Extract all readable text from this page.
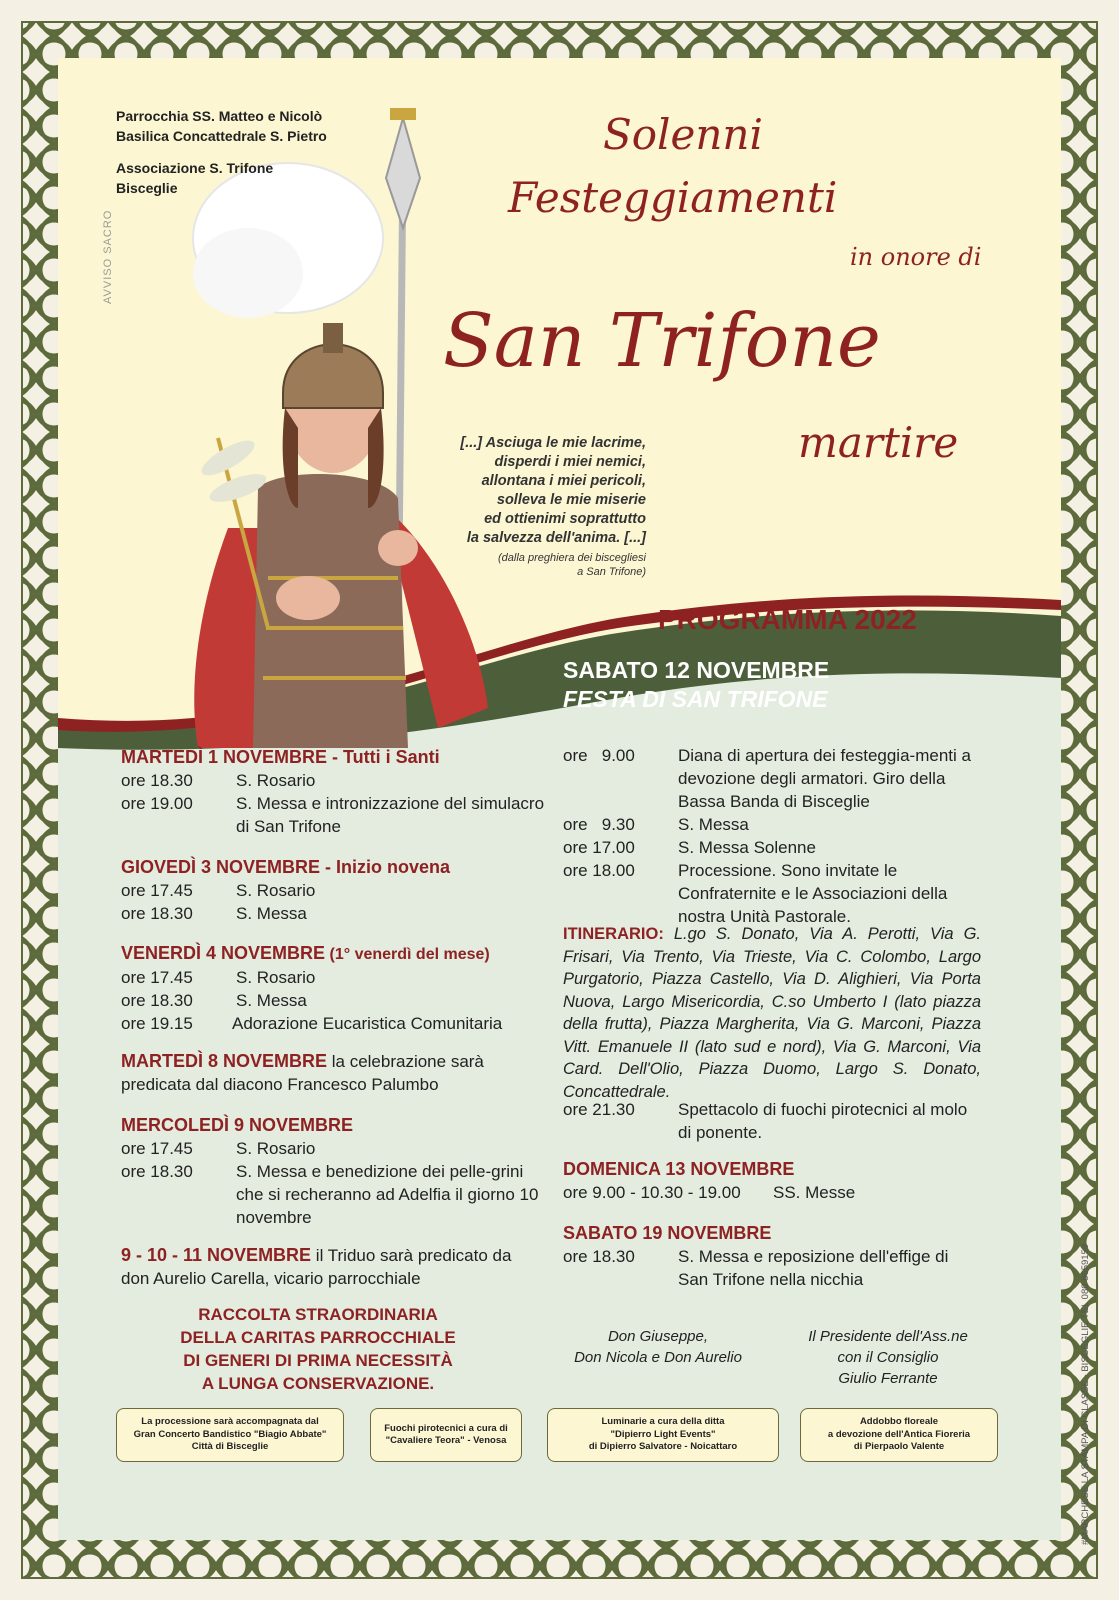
Parrocchia SS. Matteo e Nicolò
Basilica Concattedrale S. Pietro
Associazione S. Trifone
Bisceglie
AVVISO SACRO
Solenni
Festeggiamenti
in onore di
San Trifone
martire
[...] Asciuga le mie lacrime,
disperdi i miei nemici,
allontana i miei pericoli,
solleva le mie miserie
ed ottienimi soprattutto
la salvezza dell'anima. [...]
(dalla preghiera dei biscegliesi
a San Trifone)
PROGRAMMA 2022
SABATO 12 NOVEMBRE
FESTA DI SAN TRIFONE
MARTEDÌ 1 NOVEMBRE - Tutti i Santi
ore 18.30	S. Rosario
ore 19.00	S. Messa e intronizzazione del simulacro di San Trifone
GIOVEDÌ 3 NOVEMBRE - Inizio novena
ore 17.45	S. Rosario
ore 18.30	S. Messa
VENERDÌ 4 NOVEMBRE (1° venerdì del mese)
ore 17.45	S. Rosario
ore 18.30	S. Messa
ore 19.15	Adorazione Eucaristica Comunitaria
MARTEDÌ 8 NOVEMBRE la celebrazione sarà predicata dal diacono Francesco Palumbo
MERCOLEDÌ 9 NOVEMBRE
ore 17.45	S. Rosario
ore 18.30	S. Messa e benedizione dei pelle-grini che si recheranno ad Adelfia il giorno 10 novembre
9 - 10 - 11 NOVEMBRE il Triduo sarà predicato da don Aurelio Carella, vicario parrocchiale
RACCOLTA STRAORDINARIA
DELLA CARITAS PARROCCHIALE
DI GENERI DI PRIMA NECESSITÀ
A LUNGA CONSERVAZIONE.
ore   9.00	Diana di apertura dei festeggia-menti a devozione degli armatori. Giro della Bassa Banda di Bisceglie
ore   9.30	S. Messa
ore 17.00	S. Messa Solenne
ore 18.00	Processione. Sono invitate le Confraternite e le Associazioni della nostra Unità Pastorale.
ITINERARIO: L.go S. Donato, Via A. Perotti, Via G. Frisari, Via Trento, Via Trieste, Via C. Colombo, Largo Purgatorio, Piazza Castello, Via D. Alighieri, Via Porta Nuova, Largo Misericordia, C.so Umberto I (lato piazza della frutta), Piazza Margherita, Via G. Marconi, Piazza Vitt. Emanuele II (lato sud e nord), Via G. Marconi, Via Card. Dell'Olio, Piazza Duomo, Largo S. Donato, Concattedrale.
ore 21.30	Spettacolo di fuochi pirotecnici al molo di ponente.
DOMENICA 13 NOVEMBRE
ore 9.00 - 10.30 - 19.00	SS. Messe
SABATO 19 NOVEMBRE
ore 18.30	S. Messa e reposizione dell'effige di San Trifone nella nicchia
Don Giuseppe,
Don Nicola e Don Aurelio
Il Presidente dell'Ass.ne
con il Consiglio
Giulio Ferrante
La processione sarà accompagnata dal
Gran Concerto Bandistico "Biagio Abbate"
Città di Bisceglie
Fuochi pirotecnici a cura di
"Cavaliere Teora" - Venosa
Luminarie a cura della ditta
"Dipierro Light Events"
di Dipierro Salvatore - Noicattaro
Addobbo floreale
a devozione dell'Antica Fioreria
di Pierpaolo Valente	#MARCHESE LA STAMPA DI CLASSE - BISCEGLIE TEL 080 8659159
